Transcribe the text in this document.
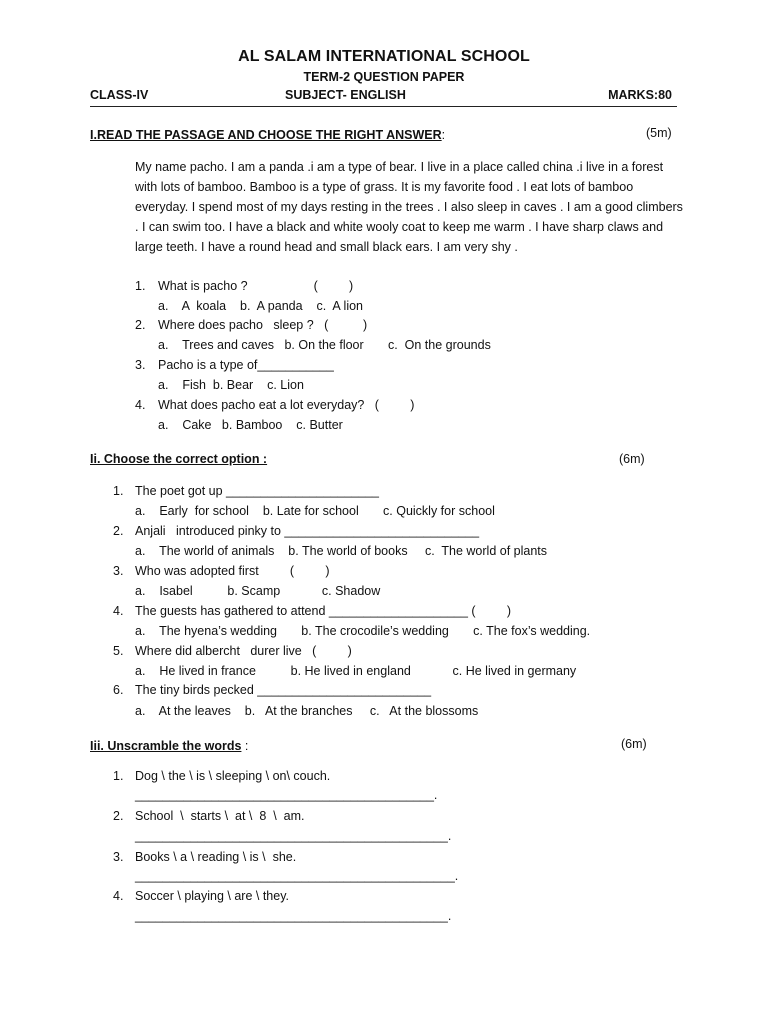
AL SALAM INTERNATIONAL SCHOOL
TERM-2 QUESTION PAPER
CLASS-IV	SUBJECT- ENGLISH	MARKS:80
I.READ THE PASSAGE AND CHOOSE THE RIGHT ANSWER:	(5m)

My name pacho. I am a panda .i am a type of bear. I live in a place called china .i live in a forest with lots of bamboo. Bamboo is a type of grass. It is my favorite food . I eat lots of bamboo everyday. I spend most of my days resting in the trees . I also sleep in caves . I am a good climbers . I can swim too. I have a black and white wooly coat to keep me warm . I have sharp claws and large teeth. I have a round head and small black ears. I am very shy .

1. What is pacho ?                   (         )
a.    A  koala    b.  A panda    c.  A lion
2. Where does pacho   sleep ?   (          )
a.    Trees and caves   b. On the floor       c.  On the grounds
3. Pacho is a type of___________
a.    Fish  b. Bear    c. Lion
4. What does pacho eat a lot everyday?   (         )
a.    Cake   b. Bamboo    c. Butter
Ii. Choose the correct option :	(6m)
1. The poet got up ______________________
a.    Early  for school    b. Late for school       c. Quickly for school
2. Anjali   introduced pinky to ____________________________
a.    The world of animals    b. The world of books     c.  The world of plants
3. Who was adopted first         (         )
a.    Isabel          b. Scamp            c. Shadow
4. The guests has gathered to attend ____________________ (         )
a.    The hyena’s wedding       b. The crocodile’s wedding       c. The fox’s wedding.
5. Where did albercht   durer live   (         )
a.    He lived in france          b. He lived in england            c. He lived in germany
6. The tiny birds pecked _________________________
a.    At the leaves    b.   At the branches     c.   At the blossoms
Iii. Unscramble the words :	(6m)
1. Dog \ the \ is \ sleeping \ on\ couch.
___________________________________________.
2. School  \  starts \  at \  8  \  am.
_____________________________________________.
3. Books \ a \ reading \ is \  she.
______________________________________________.
4. Soccer \ playing \ are \ they.
_____________________________________________.
